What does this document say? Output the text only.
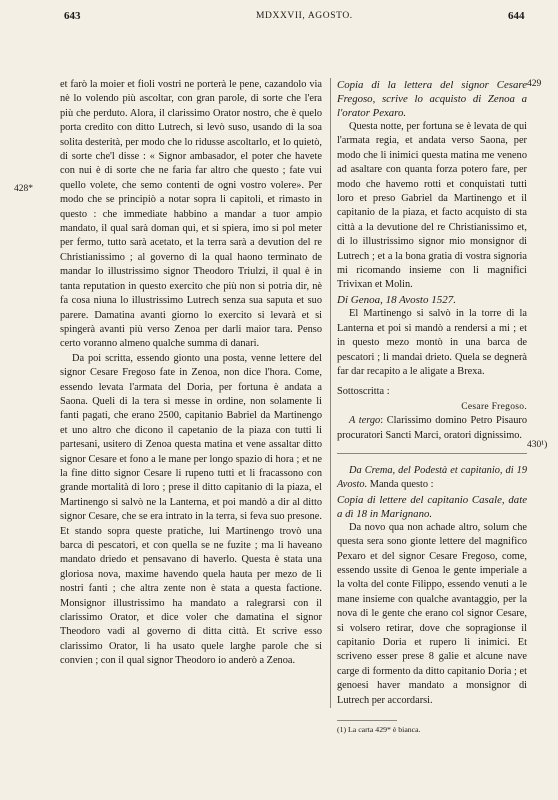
643	MDXXVII, AGOSTO.	644
428*
429
430¹)

et farò la moier et fioli vostri ne porterà le pene, cazandolo via nè lo volendo più ascoltar, con gran parole, di sorte che l'era più che perduto. Alora, il clarissimo Orator nostro, che è quelo porta credito con ditto Lutrech, si levò suso, usando di la soa solita desterità, per modo che lo ridusse ascoltarlo, et lo quietò, di sorte che'l disse : « Signor ambasador, el poter che havete con nui è di sorte che ne faria far altro che questo ; fate vui quello volete, che semo contenti de ogni vostro volere». Per modo che se principiò a notar sopra li capitoli, et rimasto in questo : che immediate habbino a mandar a tuor ampio mandato, il qual sarà doman qui, et si spiera, imo si pol meter per fermo, tutto sarà acetato, et la terra sarà a devution del re Christianissimo ; al governo di la qual haono terminato de mandar lo illustrissimo signor Theodoro Triulzi, il qual è in tanta reputation in questo exercito che più non si potria dir, nè fa cosa niuna lo illustrissimo Lutrech senza sua saputa et suo parere. Damatina avanti giorno lo exercito si levarà et si spingerà avanti più verso Zenoa per darli maior tara. Penso certo voranno almeno qualche summa di danari.

Da poi scritta, essendo gionto una posta, venne lettere del signor Cesare Fregoso fate in Zenoa, non dice l'hora. Come, essendo levata l'armata del Doria, per fortuna è andata a Saona. Queli di la tera si messe in ordine, non solamente li fanti pagati, che erano 2500, capitanio Babriel da Martinengo et uno altro che dicono il capetanio de la piaza con tutti li partesani, usitero di Zenoa questa matina et vene assaltar ditto signor Cesare et fono a le mane per longo spazio di hora ; et ne la fine ditto signor Cesare li rupeno tutti et li fracassono con grande mortalità di loro ; prese il ditto capitanio di la piaza, el Martinengo si salvò ne la Lanterna, et poi mandò a dir al ditto signor Cesare, che se era intrato in la terra, si feva suo presone. Et stando sopra queste pratiche, lui Martinengo trovò una barca di pescatori, et con quella se ne fuzite ; ma li haveano mandato driedo et pensavano di haverlo. Questa è stata una gloriosa nova, maxime havendo quela hauta per mezo de li nostri fanti ; che altra zente non è stata a questa factione. Monsignor illustrissimo ha mandato a ralegrarsi con il clarissimo Orator, et dice voler che damatina el signor Theodoro vadi al governo di ditta città. Et scrive esso clarissimo Orator, li ha usato quele larghe parole che si convien ; con il qual signor Theodoro io anderò a Zenoa.

Copia di la lettera del signor Cesare Fregoso, scrive lo acquisto di Zenoa a l'orator Pexaro.

Questa notte, per fortuna se è levata de qui l'armata regia, et andata verso Saona, per modo che li inimici questa matina me veneno ad asaltare con quanta forza potero fare, per modo che havemo rotti et conquistati tutti loro et preso Gabriel da Martinengo et il capitanio de la piaza, et facto acquisto di sta città a la devutione del re Christianissimo et, di lo illustrissimo signor mio monsignor di Lutrech ; et a la bona gratia di vostra signoria mi ricomando insieme con li magnifici Trivixan et Molin.

Di Genoa, 18 Avosto 1527.

El Martinengo si salvò in la torre di la Lanterna et poi si mandò a rendersi a mi ; et in questo mezo montò in una barca de pescatori ; li mandai drieto. Quela se degnerà far dar recapito a le aligate a Brexa.

Sottoscritta :

Cesare Fregoso.

A tergo: Clarissimo domino Petro Pisauro procuratori Sancti Marci, oratori dignissimo.

Da Crema, del Podestà et capitanio, di 19 Avosto. Manda questo :

Copia di lettere del capitanio Casale, date a dì 18 in Marignano.

Da novo qua non achade altro, solum che questa sera sono gionte lettere del magnifico Pexaro et del signor Cesare Fregoso, come, essendo ussite di Genoa le gente imperiale a la volta del conte Filippo, essendo venuti a le mane insieme con qualche avantaggio, per la nova di le gente che erano col signor Cesare, si volsero retirar, dove che sopragionse il capitanio Doria et rupero li inimici. Et scriveno esser prese 8 galie et alcune nave carge di formento da ditto capitanio Doria ; et genoesi haver mandato a monsignor di Lutrech per accordarsi.

(1) La carta 429* è bianca.
